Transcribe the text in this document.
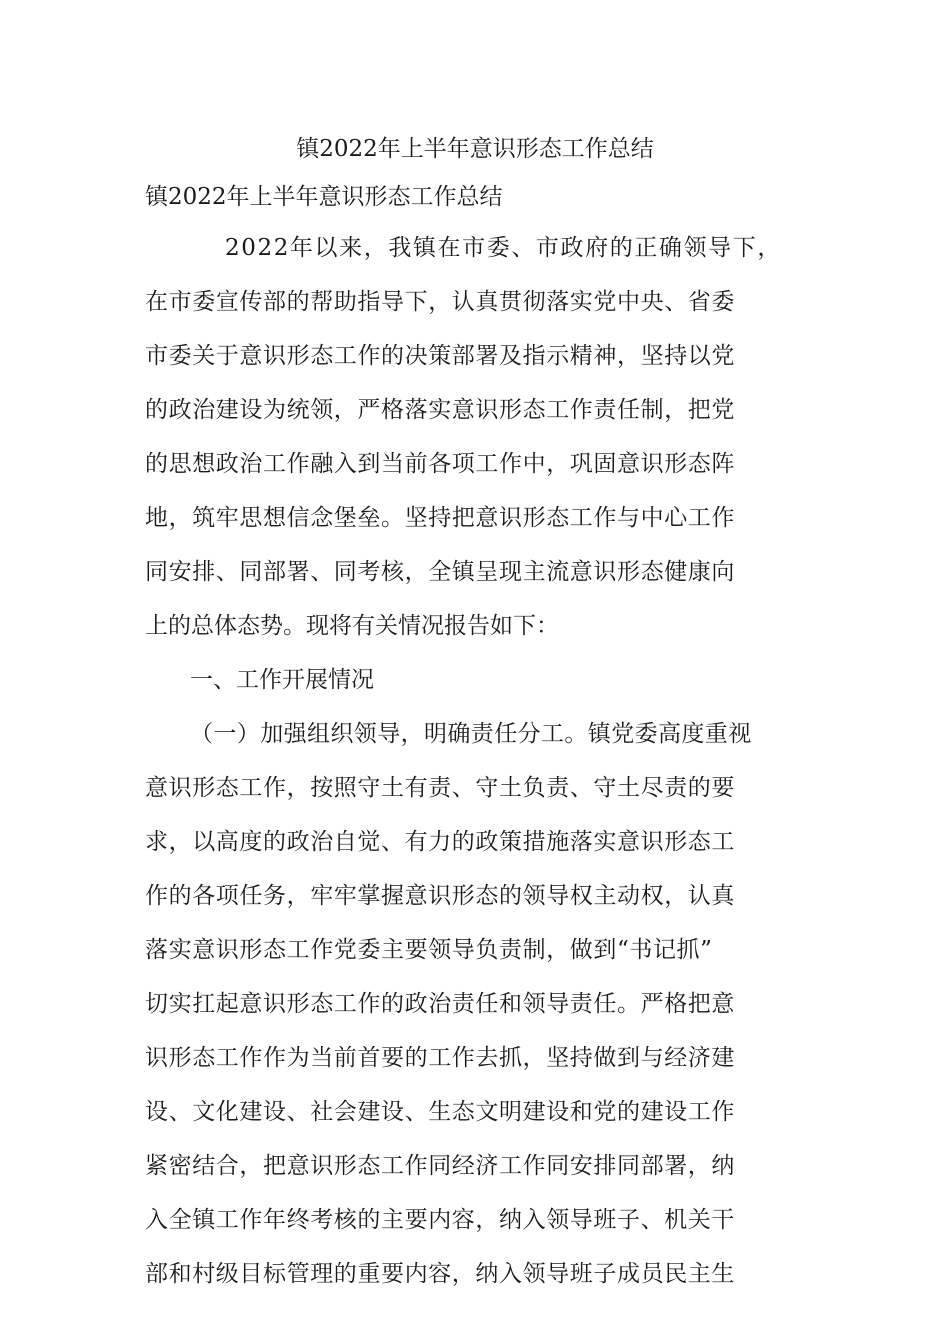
镇2022年上半年意识形态工作总结
镇2022年上半年意识形态工作总结
2022年以来，我镇在市委、市政府的正确领导下，
在市委宣传部的帮助指导下，认真贯彻落实党中央、省委
市委关于意识形态工作的决策部署及指示精神，坚持以党
的政治建设为统领，严格落实意识形态工作责任制，把党
的思想政治工作融入到当前各项工作中，巩固意识形态阵
地，筑牢思想信念堡垒。坚持把意识形态工作与中心工作
同安排、同部署、同考核，全镇呈现主流意识形态健康向
上的总体态势。现将有关情况报告如下：
一、工作开展情况
（一）加强组织领导，明确责任分工。镇党委高度重视
意识形态工作，按照守土有责、守土负责、守土尽责的要
求，以高度的政治自觉、有力的政策措施落实意识形态工
作的各项任务，牢牢掌握意识形态的领导权主动权，认真
落实意识形态工作党委主要领导负责制，做到“书记抓”
切实扛起意识形态工作的政治责任和领导责任。严格把意
识形态工作作为当前首要的工作去抓，坚持做到与经济建
设、文化建设、社会建设、生态文明建设和党的建设工作
紧密结合，把意识形态工作同经济工作同安排同部署，纳
入全镇工作年终考核的主要内容，纳入领导班子、机关干
部和村级目标管理的重要内容，纳入领导班子成员民主生
